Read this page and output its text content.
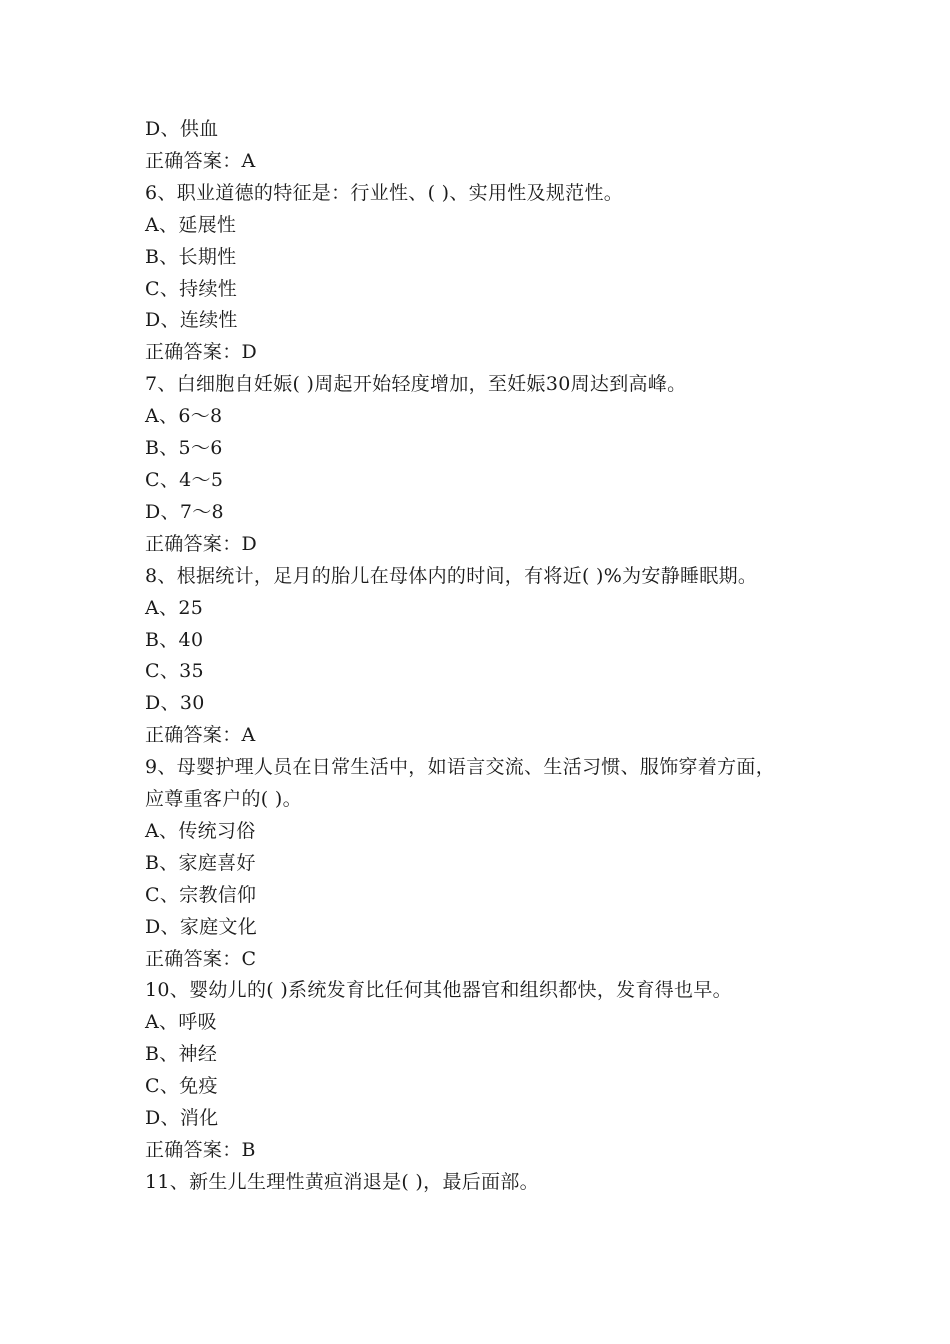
D、供血
正确答案：A
6、职业道德的特征是：行业性、( )、实用性及规范性。
A、延展性
B、长期性
C、持续性
D、连续性
正确答案：D
7、白细胞自妊娠( )周起开始轻度增加，至妊娠30周达到高峰。
A、6～8
B、5～6
C、4～5
D、7～8
正确答案：D
8、根据统计，足月的胎儿在母体内的时间，有将近( )%为安静睡眠期。
A、25
B、40
C、35
D、30
正确答案：A
9、母婴护理人员在日常生活中，如语言交流、生活习惯、服饰穿着方面，
应尊重客户的( )。
A、传统习俗
B、家庭喜好
C、宗教信仰
D、家庭文化
正确答案：C
10、婴幼儿的( )系统发育比任何其他器官和组织都快，发育得也早。
A、呼吸
B、神经
C、免疫
D、消化
正确答案：B
11、新生儿生理性黄疸消退是( )，最后面部。
